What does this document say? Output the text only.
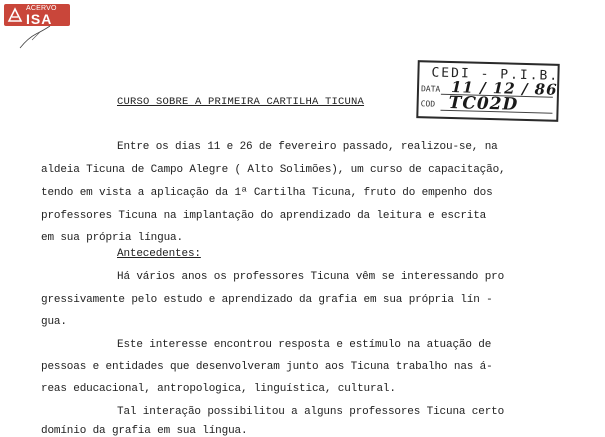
ACERVO
ISA
CEDI - P.I.B.
DATA
COD
11 / 12 / 86
TC02D
CURSO SOBRE A PRIMEIRA CARTILHA TICUNA
Entre os dias 11 e 26 de fevereiro passado, realizou-se, na
aldeia Ticuna de Campo Alegre ( Alto Solimões), um curso de capacitação,
tendo em vista a aplicação da 1ª Cartilha Ticuna, fruto do empenho dos
professores Ticuna na implantação do aprendizado da leitura e escrita
em sua própria língua.
Antecedentes:
Há vários anos os professores Ticuna vêm se interessando pro
gressivamente pelo estudo e aprendizado da grafia em sua própria lín -
gua.
Este interesse encontrou resposta e estímulo na atuação de
pessoas e entidades que desenvolveram junto aos Ticuna trabalho nas á-
reas educacional, antropologica, linguística, cultural.
Tal interação possibilitou a alguns professores Ticuna certo
domínio da grafia em sua língua.
